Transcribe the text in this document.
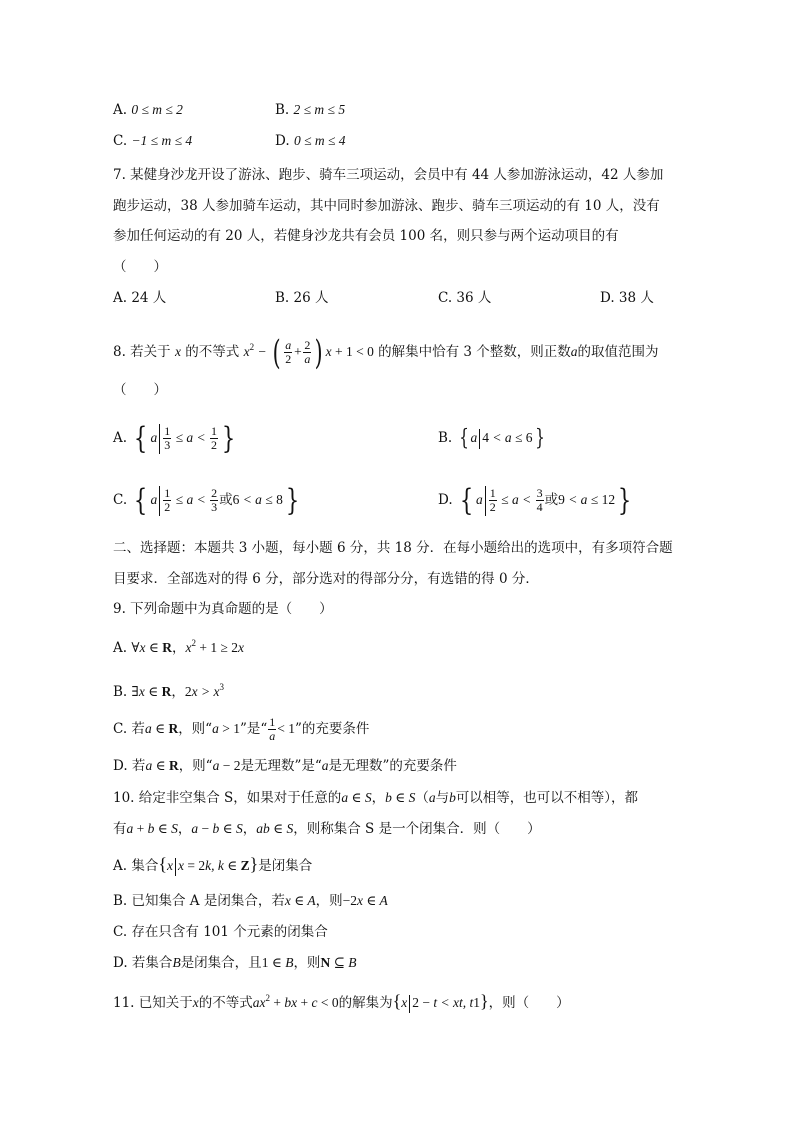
A. 0 ≤ m ≤ 2	B. 2 ≤ m ≤ 5
C. −1 ≤ m ≤ 4	D. 0 ≤ m ≤ 4
7. 某健身沙龙开设了游泳、跑步、骑车三项运动，会员中有 44 人参加游泳运动，42 人参加
跑步运动，38 人参加骑车运动，其中同时参加游泳、跑步、骑车三项运动的有 10 人，没有
参加任何运动的有 20 人，若健身沙龙共有会员 100 名，则只参与两个运动项目的有
（　　）
A. 24 人	B. 26 人	C. 36 人	D. 38 人
8. 若关于 x 的不等式 $x^2$ − ( $\frac{a}{2} + \frac{2}{a}$ ) x + 1 < 0 的解集中恰有 3 个整数，则正数a的取值范围为
（　　）
A. { a $\frac{1}{3} \le a < \frac{1}{2}$ }	B. { a 4 < a ≤ 6}
C. { a $\frac{1}{2} \le a < \frac{2}{3}$ 或6 < a ≤ 8}	D. { a $\frac{1}{2} \le a < \frac{3}{4}$ 或9 < a ≤ 12}
二、选择题：本题共 3 小题，每小题 6 分，共 18 分．在每小题给出的选项中，有多项符合题
目要求．全部选对的得 6 分，部分选对的得部分分，有选错的得 0 分．
9. 下列命题中为真命题的是（　　）
A. ∀x ∈ R，$x^2 + 1 \ge 2x$
B. ∃x ∈ R，$2x > x^3$
C. 若a ∈ R，则“a > 1”是“ $\frac{1}{a} < 1$”的充要条件
D. 若a ∈ R，则“a − 2是无理数”是“a是无理数”的充要条件
10. 给定非空集合 S，如果对于任意的a ∈ S，b ∈ S（a与b可以相等，也可以不相等），都
有a + b ∈ S，a − b ∈ S，ab ∈ S，则称集合 S 是一个闭集合．则（　　）
A. 集合{x x = 2k, k ∈ Z}是闭集合
B. 已知集合 A 是闭集合，若x ∈ A，则−2x ∈ A
C. 存在只含有 101 个元素的闭集合
D. 若集合B是闭集合，且1 ∈ B，则N ⊆ B
11. 已知关于x的不等式$ax^2$ + bx + c < 0的解集为{x 2 − t < xt, t1}，则（　　）
